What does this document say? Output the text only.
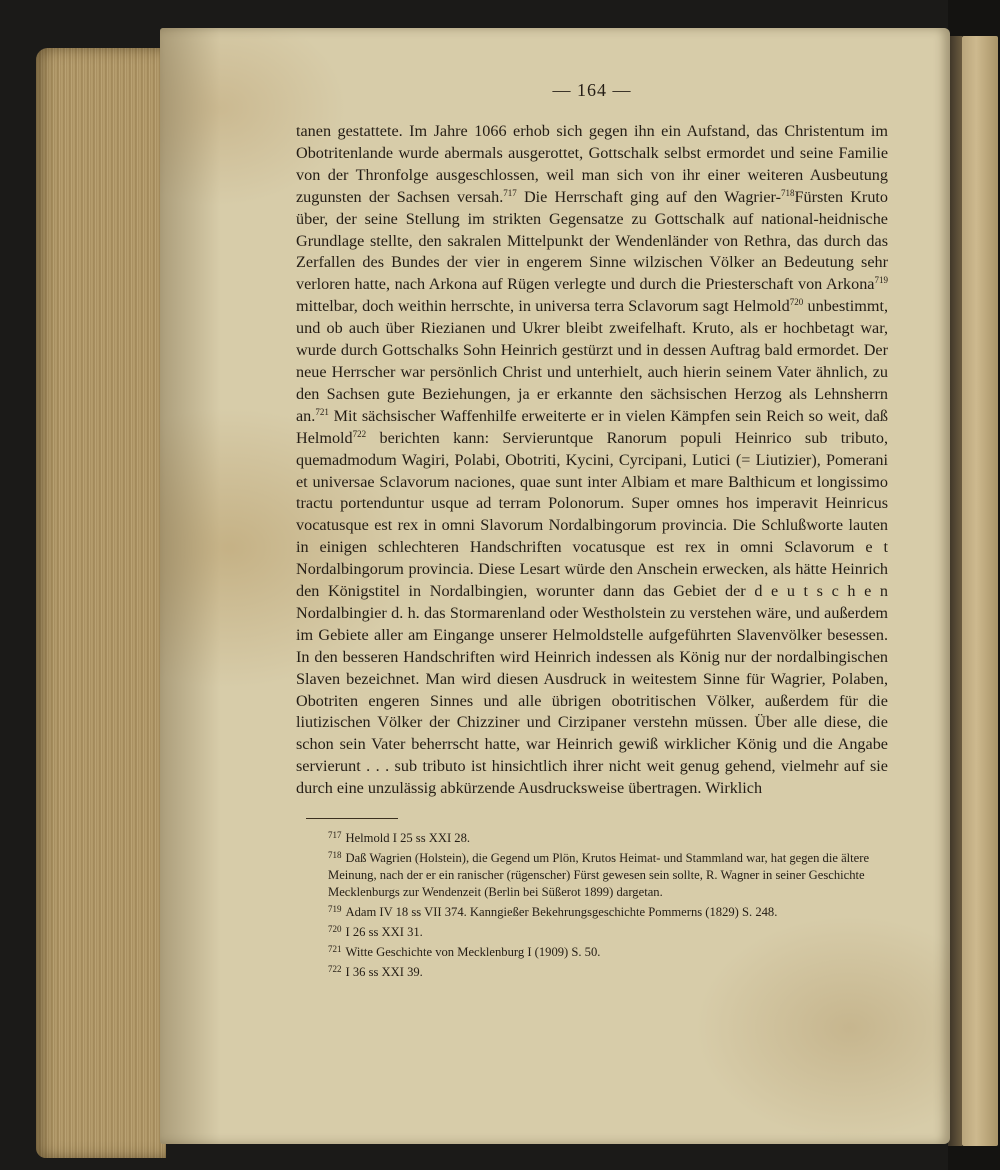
— 164 —

tanen gestattete. Im Jahre 1066 erhob sich gegen ihn ein Aufstand, das Christentum im Obotritenlande wurde abermals ausgerottet, Gottschalk selbst ermordet und seine Familie von der Thronfolge ausgeschlossen, weil man sich von ihr einer weiteren Ausbeutung zugunsten der Sachsen versah.$^{717}$ Die Herrschaft ging auf den Wagrier-$^{718}$Fürsten Kruto über, der seine Stellung im strikten Gegensatze zu Gottschalk auf national-heidnische Grundlage stellte, den sakralen Mittelpunkt der Wendenländer von Rethra, das durch das Zerfallen des Bundes der vier in engerem Sinne wilzischen Völker an Bedeutung sehr verloren hatte, nach Arkona auf Rügen verlegte und durch die Priesterschaft von Arkona$^{719}$ mittelbar, doch weithin herrschte, in universa terra Sclavorum sagt Helmold$^{720}$ unbestimmt, und ob auch über Riezianen und Ukrer bleibt zweifelhaft. Kruto, als er hochbetagt war, wurde durch Gottschalks Sohn Heinrich gestürzt und in dessen Auftrag bald ermordet. Der neue Herrscher war persönlich Christ und unterhielt, auch hierin seinem Vater ähnlich, zu den Sachsen gute Beziehungen, ja er erkannte den sächsischen Herzog als Lehnsherrn an.$^{721}$ Mit sächsischer Waffenhilfe erweiterte er in vielen Kämpfen sein Reich so weit, daß Helmold$^{722}$ berichten kann: Servieruntque Ranorum populi Heinrico sub tributo, quemadmodum Wagiri, Polabi, Obotriti, Kycini, Cyrcipani, Lutici (= Liutizier), Pomerani et universae Sclavorum naciones, quae sunt inter Albiam et mare Balthicum et longissimo tractu portenduntur usque ad terram Polonorum. Super omnes hos imperavit Heinricus vocatusque est rex in omni Slavorum Nordalbingorum provincia. Die Schlußworte lauten in einigen schlechteren Handschriften vocatusque est rex in omni Sclavorum e t Nordalbingorum provincia. Diese Lesart würde den Anschein erwecken, als hätte Heinrich den Königstitel in Nordalbingien, worunter dann das Gebiet der d e u t s c h e n Nordalbingier d. h. das Stormarenland oder Westholstein zu verstehen wäre, und außerdem im Gebiete aller am Eingange unserer Helmoldstelle aufgeführten Slavenvölker besessen. In den besseren Handschriften wird Heinrich indessen als König nur der nordalbingischen Slaven bezeichnet. Man wird diesen Ausdruck in weitestem Sinne für Wagrier, Polaben, Obotriten engeren Sinnes und alle übrigen obotritischen Völker, außerdem für die liutizischen Völker der Chizziner und Cirzipaner verstehn müssen. Über alle diese, die schon sein Vater beherrscht hatte, war Heinrich gewiß wirklicher König und die Angabe servierunt . . . sub tributo ist hinsichtlich ihrer nicht weit genug gehend, vielmehr auf sie durch eine unzulässig abkürzende Ausdrucksweise übertragen. Wirklich

$^{717}$ Helmold I 25 ss XXI 28.
$^{718}$ Daß Wagrien (Holstein), die Gegend um Plön, Krutos Heimat- und Stammland war, hat gegen die ältere Meinung, nach der er ein ranischer (rügenscher) Fürst gewesen sein sollte, R. Wagner in seiner Geschichte Mecklenburgs zur Wendenzeit (Berlin bei Süßerot 1899) dargetan.
$^{719}$ Adam IV 18 ss VII 374. Kanngießer Bekehrungsgeschichte Pommerns (1829) S. 248.
$^{720}$ I 26 ss XXI 31.
$^{721}$ Witte Geschichte von Mecklenburg I (1909) S. 50.
$^{722}$ I 36 ss XXI 39.
